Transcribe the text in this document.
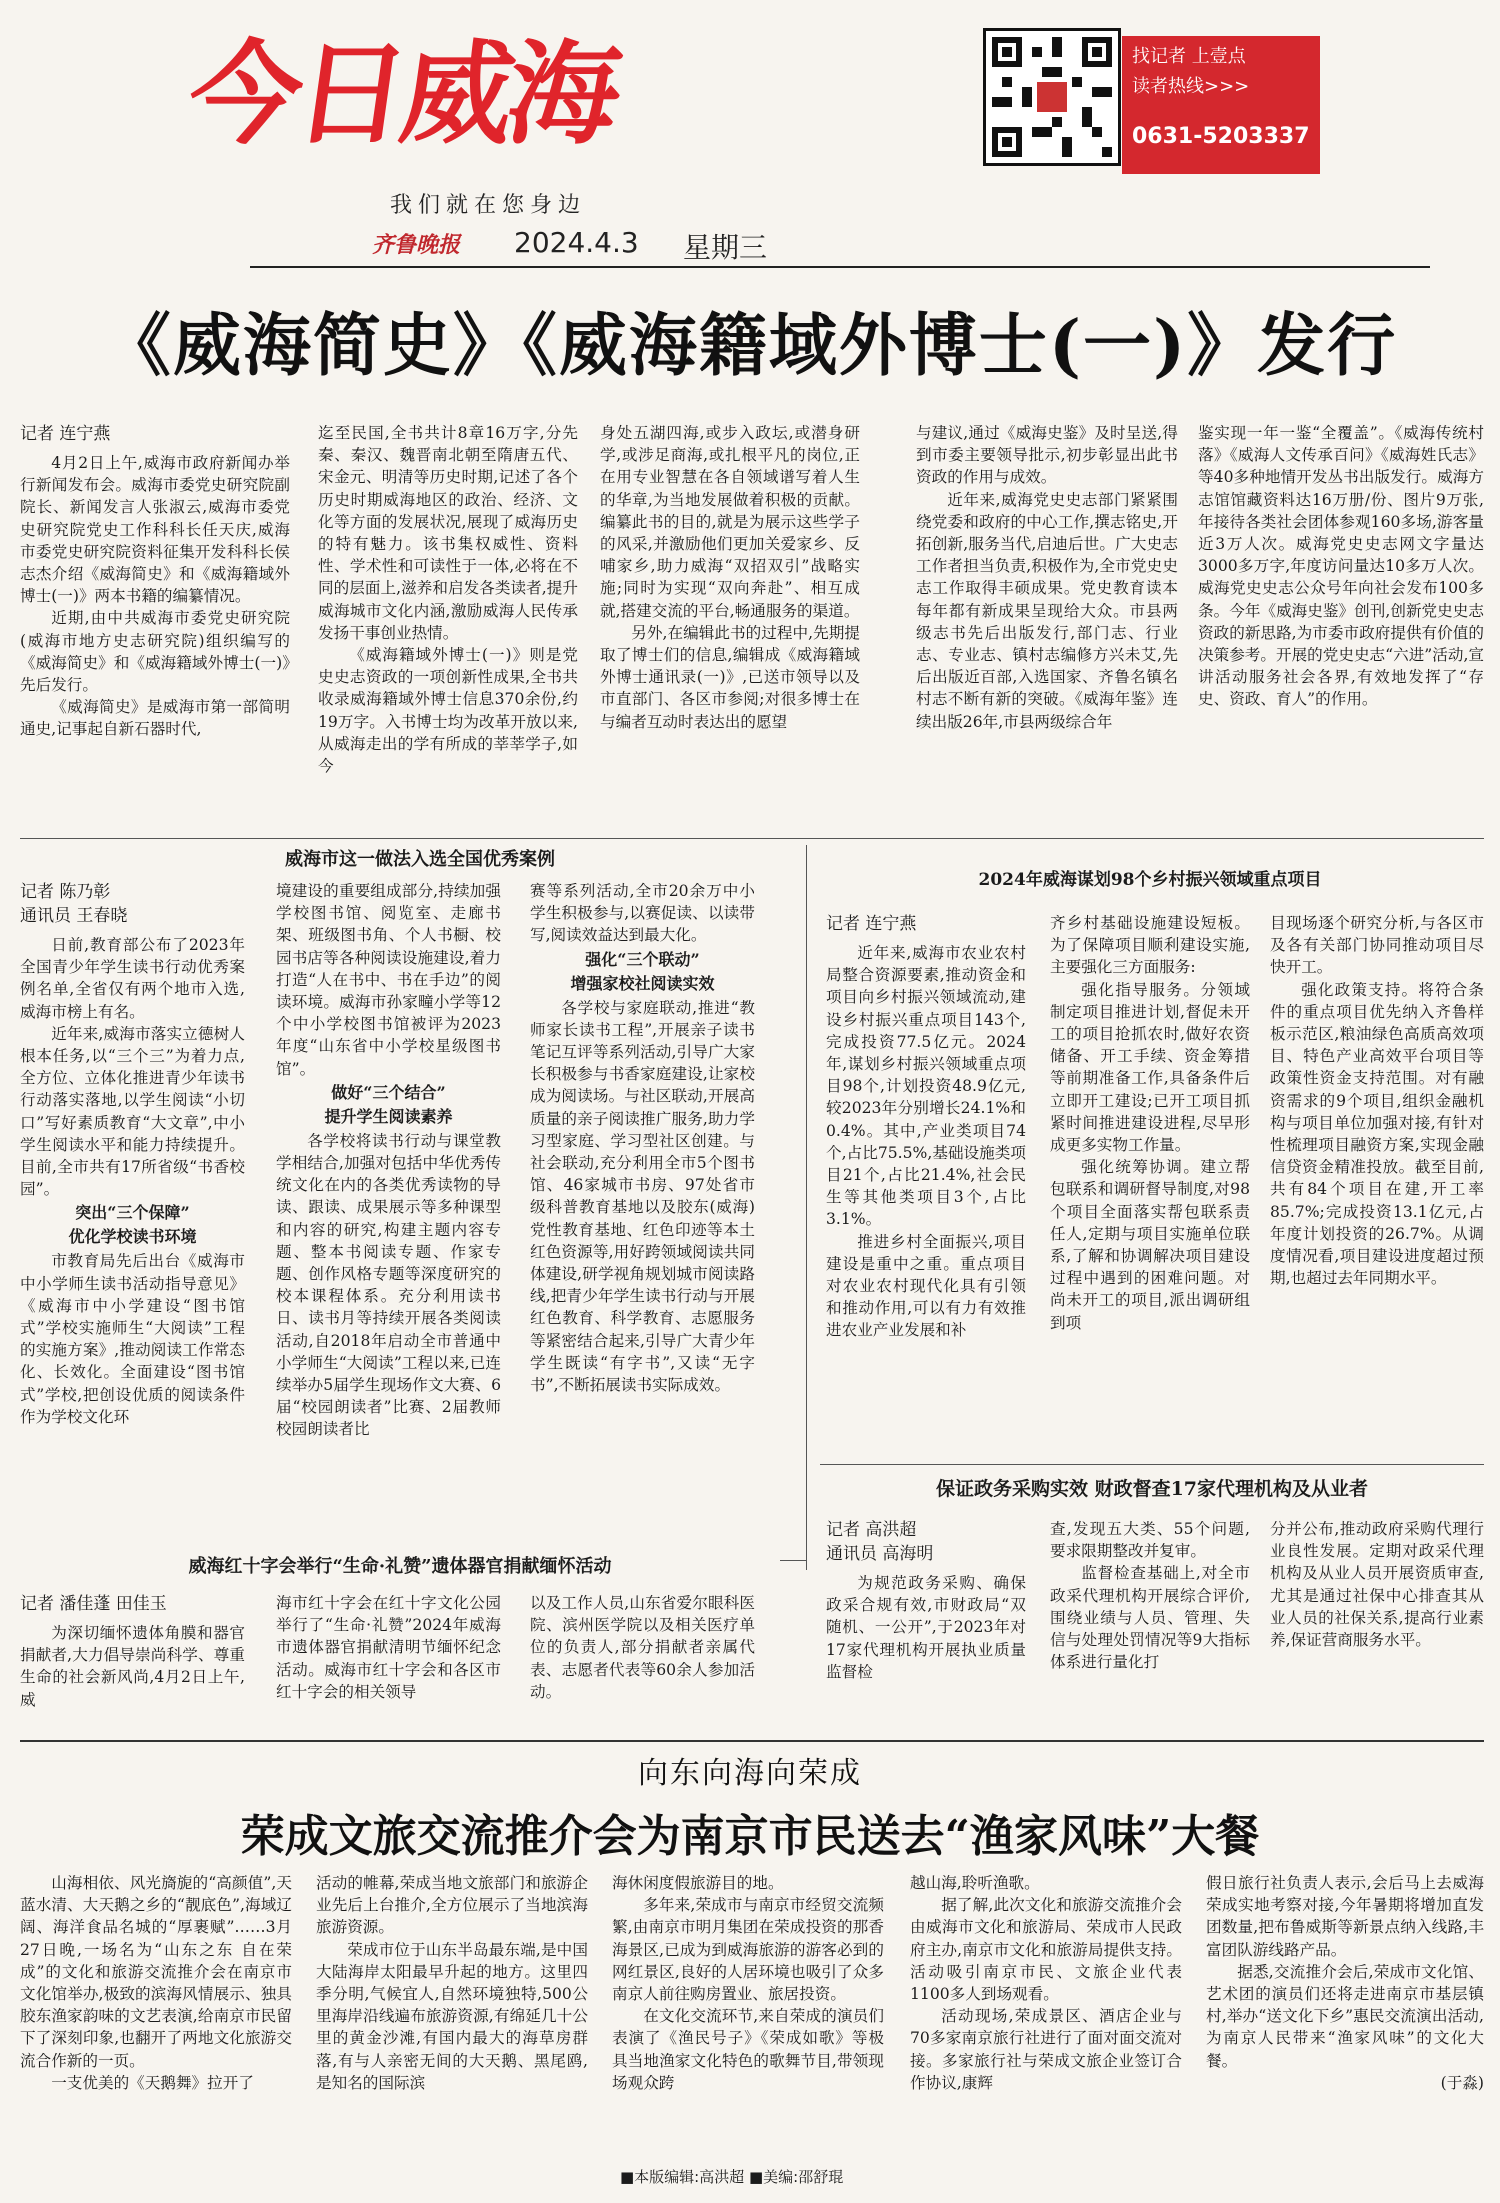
今日威海
我们就在您身边
齐鲁晚报 2024.4.3 星期三
找记者 上壹点
读者热线>>>
0631-5203337
《威海简史》《威海籍域外博士(一)》发行
记者 连宁燕

4月2日上午,威海市政府新闻办举行新闻发布会。威海市委党史研究院副院长、新闻发言人张淑云,威海市委党史研究院党史工作科科长任天庆,威海市委党史研究院资料征集开发科科长侯志杰介绍《威海简史》和《威海籍域外博士(一)》两本书籍的编纂情况。

近期,由中共威海市委党史研究院(威海市地方史志研究院)组织编写的《威海简史》和《威海籍域外博士(一)》先后发行。

《威海简史》是威海市第一部简明通史,记事起自新石器时代,

迄至民国,全书共计8章16万字,分先秦、秦汉、魏晋南北朝至隋唐五代、宋金元、明清等历史时期,记述了各个历史时期威海地区的政治、经济、文化等方面的发展状况,展现了威海历史的特有魅力。该书集权威性、资料性、学术性和可读性于一体,必将在不同的层面上,滋养和启发各类读者,提升威海城市文化内涵,激励威海人民传承发扬干事创业热情。

《威海籍域外博士(一)》则是党史史志资政的一项创新性成果,全书共收录威海籍域外博士信息370余份,约19万字。入书博士均为改革开放以来,从威海走出的学有所成的莘莘学子,如今

身处五湖四海,或步入政坛,或潜身研学,或涉足商海,或扎根平凡的岗位,正在用专业智慧在各自领域谱写着人生的华章,为当地发展做着积极的贡献。编纂此书的目的,就是为展示这些学子的风采,并激励他们更加关爱家乡、反哺家乡,助力威海“双招双引”战略实施;同时为实现“双向奔赴”、相互成就,搭建交流的平台,畅通服务的渠道。

另外,在编辑此书的过程中,先期提取了博士们的信息,编辑成《威海籍域外博士通讯录(一)》,已送市领导以及市直部门、各区市参阅;对很多博士在与编者互动时表达出的愿望

与建议,通过《威海史鉴》及时呈送,得到市委主要领导批示,初步彰显出此书资政的作用与成效。

近年来,威海党史史志部门紧紧围绕党委和政府的中心工作,撰志铭史,开拓创新,服务当代,启迪后世。广大史志工作者担当负责,积极作为,全市党史史志工作取得丰硕成果。党史教育读本每年都有新成果呈现给大众。市县两级志书先后出版发行,部门志、行业志、专业志、镇村志编修方兴未艾,先后出版近百部,入选国家、齐鲁名镇名村志不断有新的突破。《威海年鉴》连续出版26年,市县两级综合年

鉴实现一年一鉴“全覆盖”。《威海传统村落》《威海人文传承百问》《威海姓氏志》等40多种地情开发丛书出版发行。威海方志馆馆藏资料达16万册/份、图片9万张,年接待各类社会团体参观160多场,游客量近3万人次。威海党史史志网文字量达3000多万字,年度访问量达10多万人次。威海党史史志公众号年向社会发布100多条。今年《威海史鉴》创刊,创新党史史志资政的新思路,为市委市政府提供有价值的决策参考。开展的党史史志“六进”活动,宣讲活动服务社会各界,有效地发挥了“存史、资政、育人”的作用。

威海市这一做法入选全国优秀案例
记者 陈乃彰
通讯员 王春晓

日前,教育部公布了2023年全国青少年学生读书行动优秀案例名单,全省仅有两个地市入选,威海市榜上有名。

近年来,威海市落实立德树人根本任务,以“三个三”为着力点,全方位、立体化推进青少年读书行动落实落地,以学生阅读“小切口”写好素质教育“大文章”,中小学生阅读水平和能力持续提升。目前,全市共有17所省级“书香校园”。

突出“三个保障”
优化学校读书环境

市教育局先后出台《威海市中小学师生读书活动指导意见》《威海市中小学建设“图书馆式”学校实施师生“大阅读”工程的实施方案》,推动阅读工作常态化、长效化。全面建设“图书馆式”学校,把创设优质的阅读条件作为学校文化环

境建设的重要组成部分,持续加强学校图书馆、阅览室、走廊书架、班级图书角、个人书橱、校园书店等各种阅读设施建设,着力打造“人在书中、书在手边”的阅读环境。威海市孙家疃小学等12个中小学校图书馆被评为2023年度“山东省中小学校星级图书馆”。

做好“三个结合”
提升学生阅读素养

各学校将读书行动与课堂教学相结合,加强对包括中华优秀传统文化在内的各类优秀读物的导读、跟读、成果展示等多种课型和内容的研究,构建主题内容专题、整本书阅读专题、作家专题、创作风格专题等深度研究的校本课程体系。充分利用读书日、读书月等持续开展各类阅读活动,自2018年启动全市普通中小学师生“大阅读”工程以来,已连续举办5届学生现场作文大赛、6届“校园朗读者”比赛、2届教师校园朗读者比

赛等系列活动,全市20余万中小学生积极参与,以赛促读、以读带写,阅读效益达到最大化。

强化“三个联动”
增强家校社阅读实效

各学校与家庭联动,推进“教师家长读书工程”,开展亲子读书笔记互评等系列活动,引导广大家长积极参与书香家庭建设,让家校成为阅读场。与社区联动,开展高质量的亲子阅读推广服务,助力学习型家庭、学习型社区创建。与社会联动,充分利用全市5个图书馆、46家城市书房、97处省市级科普教育基地以及胶东(威海)党性教育基地、红色印迹等本土红色资源等,用好跨领域阅读共同体建设,研学视角规划城市阅读路线,把青少年学生读书行动与开展红色教育、科学教育、志愿服务等紧密结合起来,引导广大青少年学生既读“有字书”,又读“无字书”,不断拓展读书实际成效。

2024年威海谋划98个乡村振兴领域重点项目
记者 连宁燕

近年来,威海市农业农村局整合资源要素,推动资金和项目向乡村振兴领域流动,建设乡村振兴重点项目143个,完成投资77.5亿元。2024年,谋划乡村振兴领域重点项目98个,计划投资48.9亿元,较2023年分别增长24.1%和0.4%。其中,产业类项目74个,占比75.5%,基础设施类项目21个,占比21.4%,社会民生等其他类项目3个,占比3.1%。

推进乡村全面振兴,项目建设是重中之重。重点项目对农业农村现代化具有引领和推动作用,可以有力有效推进农业产业发展和补

齐乡村基础设施建设短板。为了保障项目顺利建设实施,主要强化三方面服务:

强化指导服务。分领域制定项目推进计划,督促未开工的项目抢抓农时,做好农资储备、开工手续、资金筹措等前期准备工作,具备条件后立即开工建设;已开工项目抓紧时间推进建设进程,尽早形成更多实物工作量。

强化统筹协调。建立帮包联系和调研督导制度,对98个项目全面落实帮包联系责任人,定期与项目实施单位联系,了解和协调解决项目建设过程中遇到的困难问题。对尚未开工的项目,派出调研组到项

目现场逐个研究分析,与各区市及各有关部门协同推动项目尽快开工。

强化政策支持。将符合条件的重点项目优先纳入齐鲁样板示范区,粮油绿色高质高效项目、特色产业高效平台项目等政策性资金支持范围。对有融资需求的9个项目,组织金融机构与项目单位加强对接,有针对性梳理项目融资方案,实现金融信贷资金精准投放。截至目前,共有84个项目在建,开工率85.7%;完成投资13.1亿元,占年度计划投资的26.7%。从调度情况看,项目建设进度超过预期,也超过去年同期水平。

保证政务采购实效 财政督查17家代理机构及从业者
记者 高洪超
通讯员 高海明

为规范政务采购、确保政采合规有效,市财政局“双随机、一公开”,于2023年对17家代理机构开展执业质量监督检

查,发现五大类、55个问题,要求限期整改并复审。

监督检查基础上,对全市政采代理机构开展综合评价,围绕业绩与人员、管理、失信与处理处罚情况等9大指标体系进行量化打

分并公布,推动政府采购代理行业良性发展。定期对政采代理机构及从业人员开展资质审查,尤其是通过社保中心排查其从业人员的社保关系,提高行业素养,保证营商服务水平。

威海红十字会举行“生命·礼赞”遗体器官捐献缅怀活动
记者 潘佳蓬 田佳玉

为深切缅怀遗体角膜和器官捐献者,大力倡导崇尚科学、尊重生命的社会新风尚,4月2日上午,威

海市红十字会在红十字文化公园举行了“生命·礼赞”2024年威海市遗体器官捐献清明节缅怀纪念活动。威海市红十字会和各区市红十字会的相关领导

以及工作人员,山东省爱尔眼科医院、滨州医学院以及相关医疗单位的负责人,部分捐献者亲属代表、志愿者代表等60余人参加活动。

向东向海向荣成
荣成文旅交流推介会为南京市民送去“渔家风味”大餐

山海相依、风光旖旎的“高颜值”,天蓝水清、大天鹅之乡的“靓底色”,海域辽阔、海洋食品名城的“厚裹赋”……3月27日晚,一场名为“山东之东 自在荣成”的文化和旅游交流推介会在南京市文化馆举办,极致的滨海风情展示、独具胶东渔家韵味的文艺表演,给南京市民留下了深刻印象,也翻开了两地文化旅游交流合作新的一页。

一支优美的《天鹅舞》拉开了

活动的帷幕,荣成当地文旅部门和旅游企业先后上台推介,全方位展示了当地滨海旅游资源。

荣成市位于山东半岛最东端,是中国大陆海岸太阳最早升起的地方。这里四季分明,气候宜人,自然环境独特,500公里海岸沿线遍布旅游资源,有绵延几十公里的黄金沙滩,有国内最大的海草房群落,有与人亲密无间的大天鹅、黑尾鸥,是知名的国际滨

海休闲度假旅游目的地。

多年来,荣成市与南京市经贸交流频繁,由南京市明月集团在荣成投资的那香海景区,已成为到威海旅游的游客必到的网红景区,良好的人居环境也吸引了众多南京人前往购房置业、旅居投资。

在文化交流环节,来自荣成的演员们表演了《渔民号子》《荣成如歌》等极具当地渔家文化特色的歌舞节目,带领现场观众跨

越山海,聆听渔歌。

据了解,此次文化和旅游交流推介会由威海市文化和旅游局、荣成市人民政府主办,南京市文化和旅游局提供支持。活动吸引南京市民、文旅企业代表1100多人到场观看。

活动现场,荣成景区、酒店企业与70多家南京旅行社进行了面对面交流对接。多家旅行社与荣成文旅企业签订合作协议,康辉

假日旅行社负责人表示,会后马上去威海荣成实地考察对接,今年暑期将增加直发团数量,把布鲁威斯等新景点纳入线路,丰富团队游线路产品。

据悉,交流推介会后,荣成市文化馆、艺术团的演员们还将走进南京市基层镇村,举办“送文化下乡”惠民交流演出活动,为南京人民带来“渔家风味”的文化大餐。

(于淼)
■本版编辑:高洪超 ■美编:邵舒琨
